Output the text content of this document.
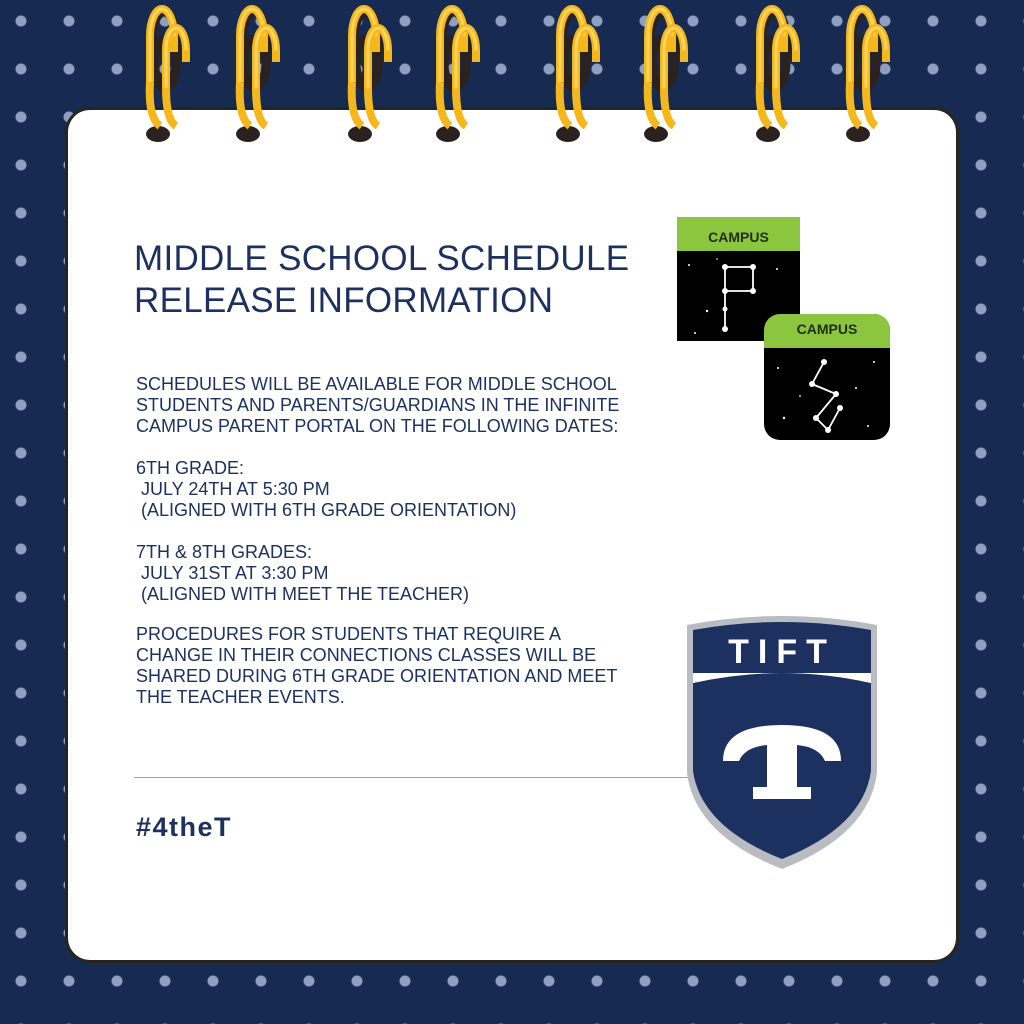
MIDDLE SCHOOL SCHEDULE
RELEASE INFORMATION
SCHEDULES WILL BE AVAILABLE FOR MIDDLE SCHOOL
STUDENTS AND PARENTS/GUARDIANS IN THE INFINITE
CAMPUS PARENT PORTAL ON THE FOLLOWING DATES:
6TH GRADE:
JULY 24TH AT 5:30 PM
(ALIGNED WITH 6TH GRADE ORIENTATION)
7TH & 8TH GRADES:
JULY 31ST AT 3:30 PM
(ALIGNED WITH MEET THE TEACHER)
PROCEDURES FOR STUDENTS THAT REQUIRE A
CHANGE IN THEIR CONNECTIONS CLASSES WILL BE
SHARED DURING 6TH GRADE ORIENTATION AND MEET
THE TEACHER EVENTS.

#4theT

CAMPUS
CAMPUS
TIFT
